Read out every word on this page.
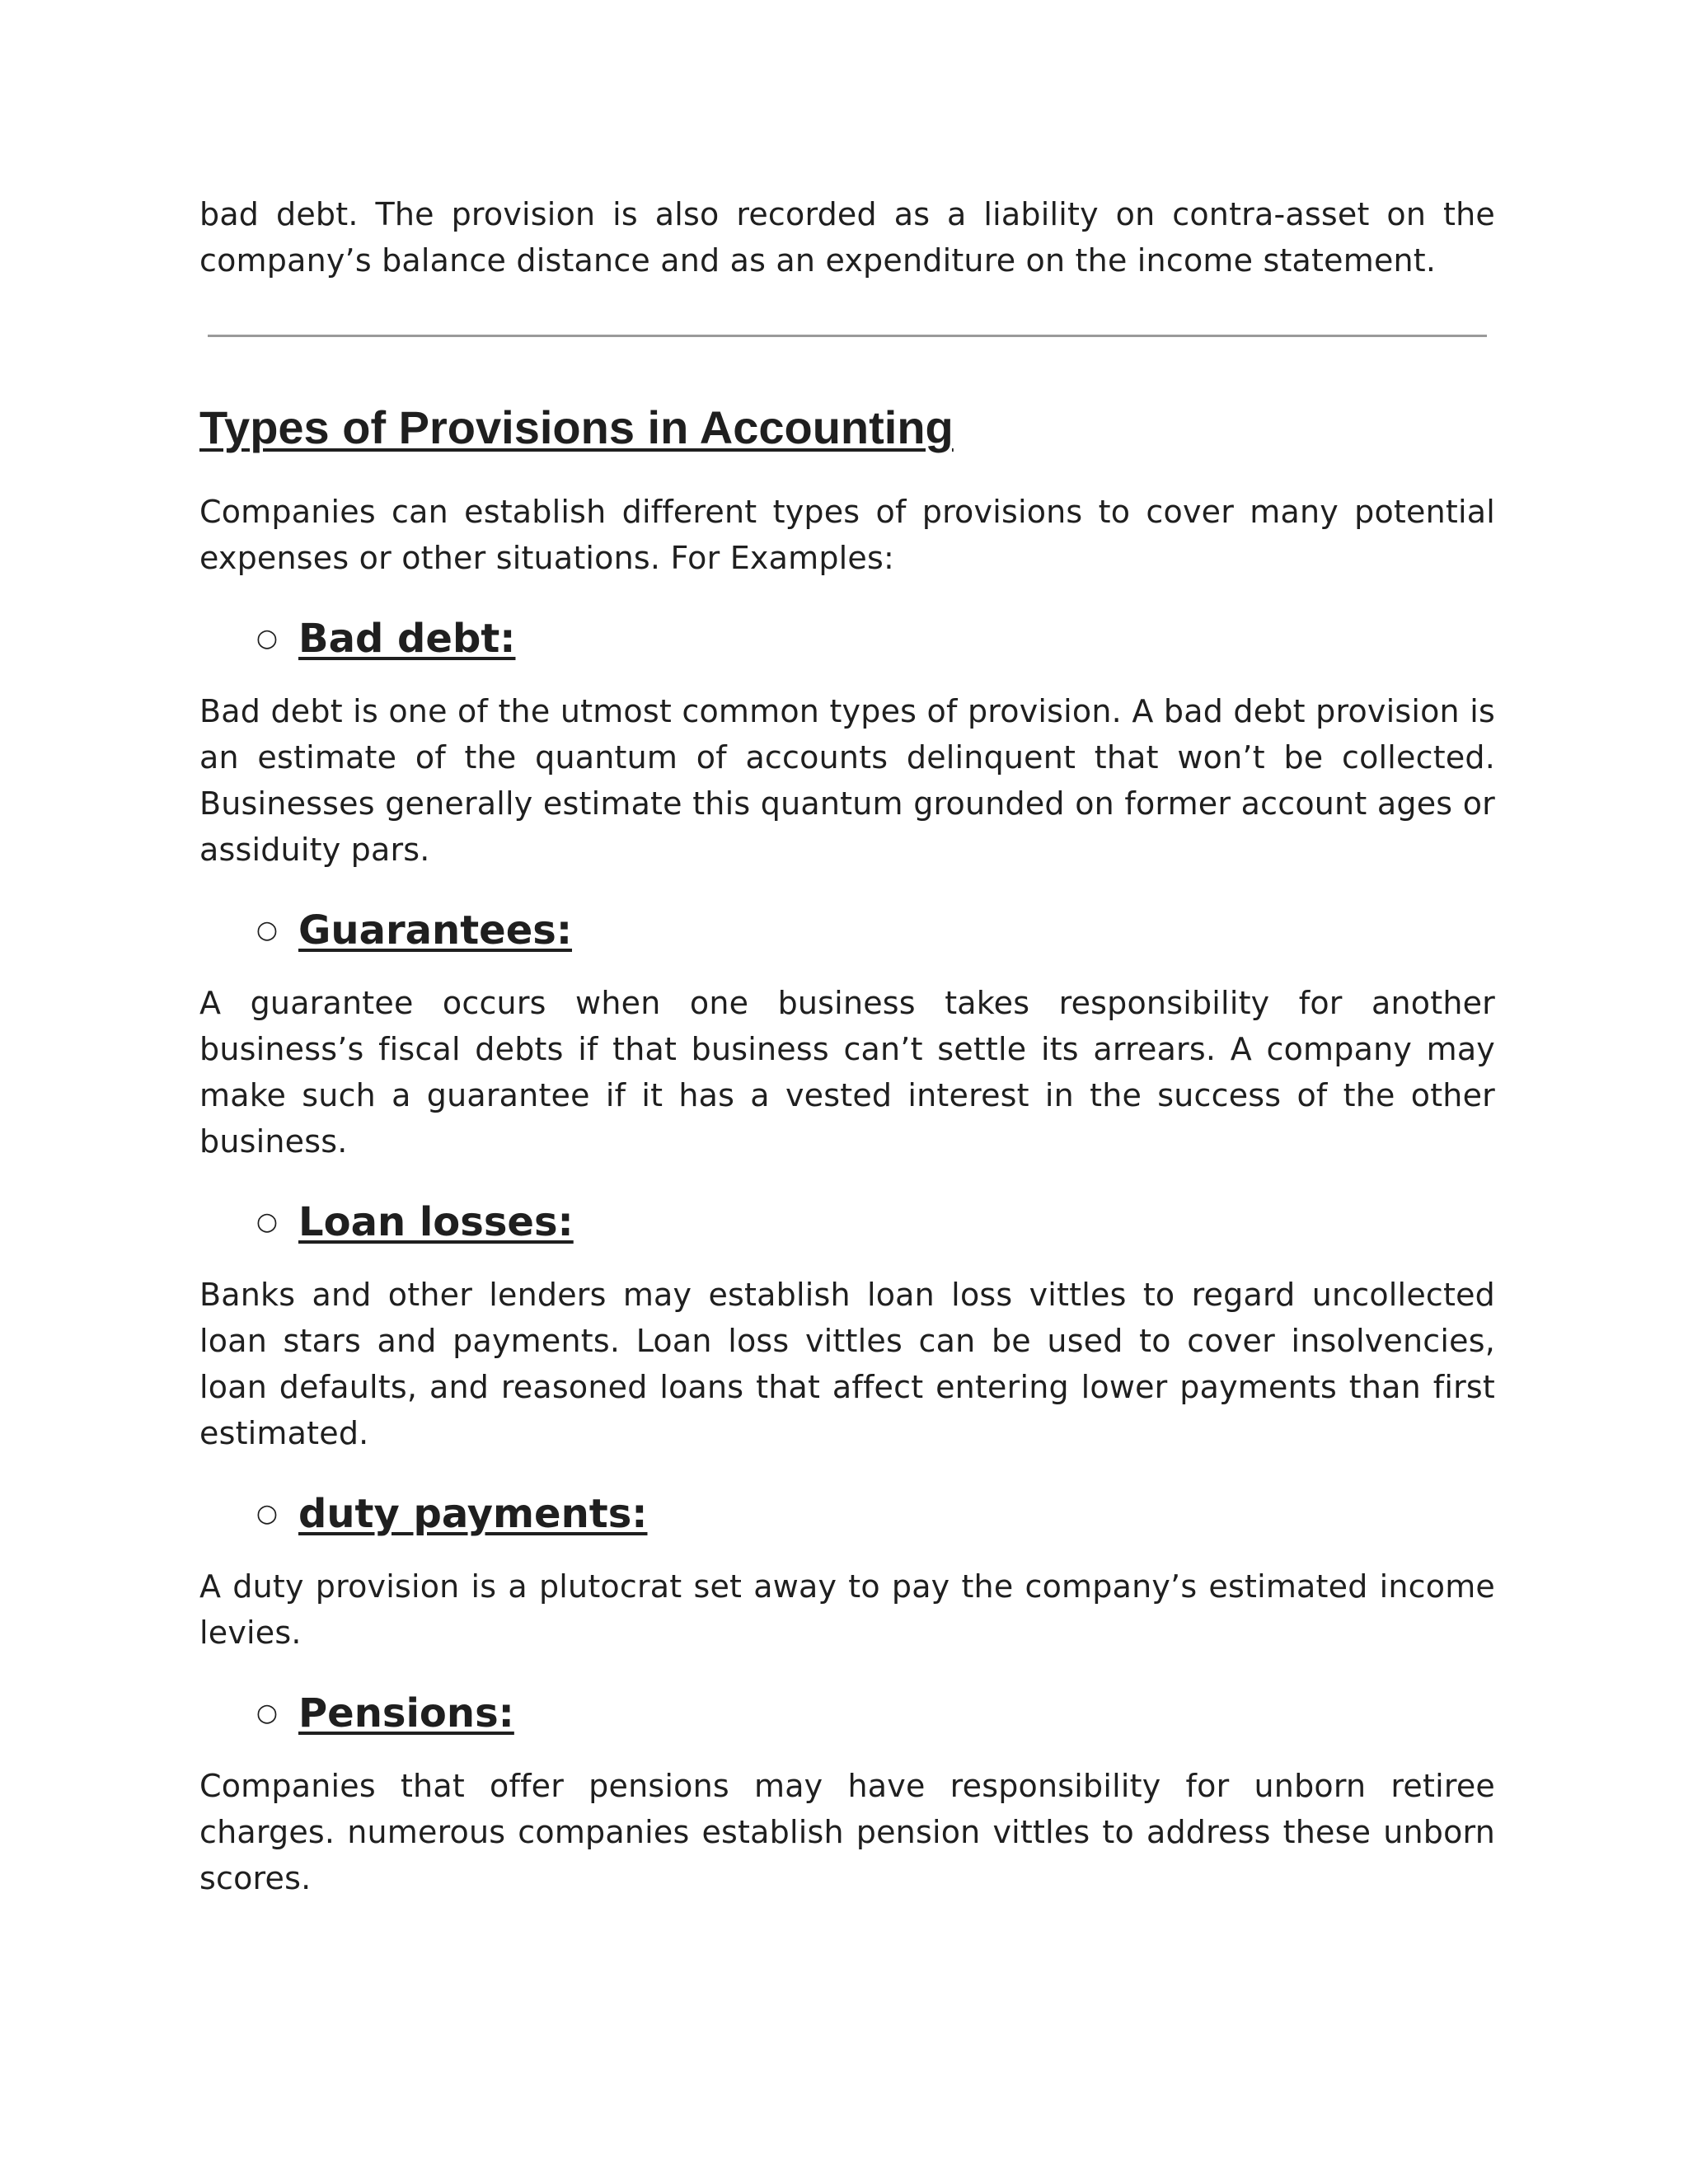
bad debt. The provision is also recorded as a liability on contra-asset on the company’s balance distance and as an expenditure on the income statement.

Types of Provisions in Accounting

Companies can establish different types of provisions to cover many potential expenses or other situations. For Examples:

○ Bad debt:

Bad debt is one of the utmost common types of provision. A bad debt provision is an estimate of the quantum of accounts delinquent that won’t be collected. Businesses generally estimate this quantum grounded on former account ages or assiduity pars.

○ Guarantees:

A guarantee occurs when one business takes responsibility for another business’s fiscal debts if that business can’t settle its arrears. A company may make such a guarantee if it has a vested interest in the success of the other business.

○ Loan losses:

Banks and other lenders may establish loan loss vittles to regard uncollected loan stars and payments. Loan loss vittles can be used to cover insolvencies, loan defaults, and reasoned loans that affect entering lower payments than first estimated.

○ duty payments:

A duty provision is a plutocrat set away to pay the company’s estimated income levies.

○ Pensions:

Companies that offer pensions may have responsibility for unborn retiree charges. numerous companies establish pension vittles to address these unborn scores.
